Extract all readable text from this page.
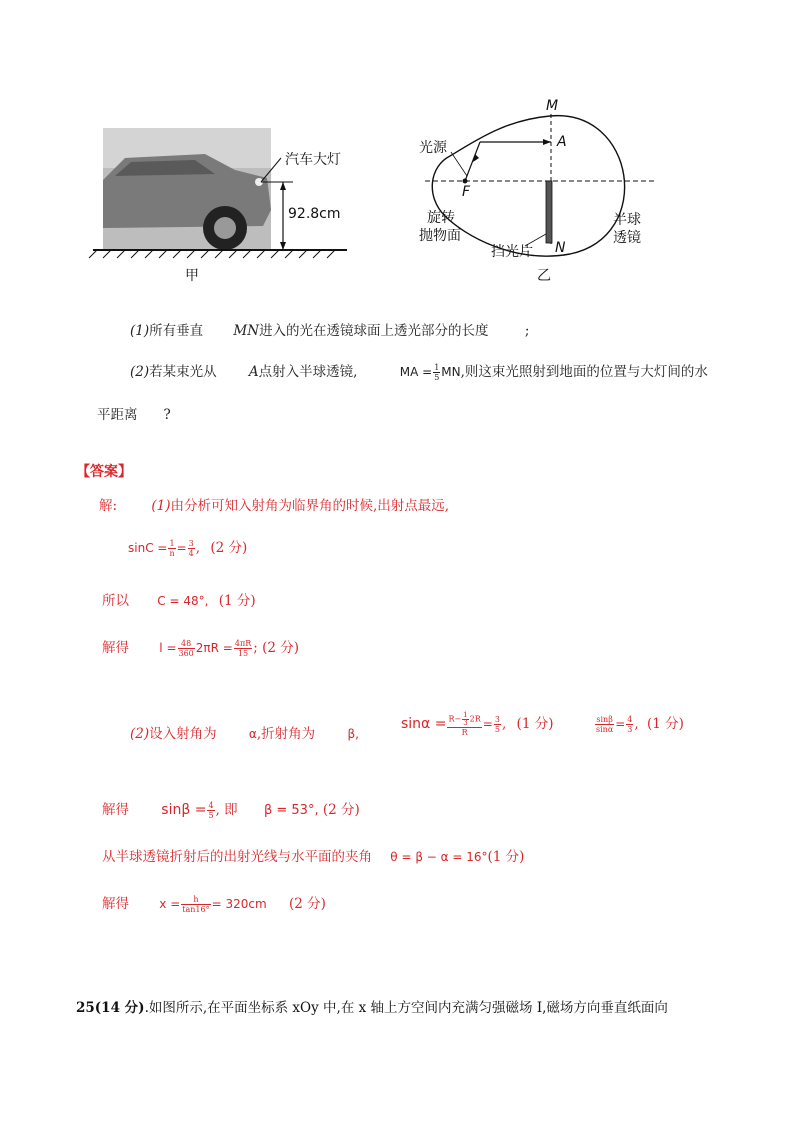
汽车大灯
92.8cm
甲
M
A
F
N
光源
旋转
抛物面
挡光片
半球
透镜
乙
(1)所有垂直 MN进入的光在透镜球面上透光部分的长度	;
(2)若某束光从 A点射入半球透镜,	MA = $\frac{1}{5}$ MN,则这束光照射到地面的位置与大灯间的水
平距离 ?
【答案】
解:	(1)由分析可知入射角为临界角的时候,出射点最远,
$\sin C = \frac{1}{n} = \frac{3}{4}$ , (2 分)
所以 C = 48°, (1 分)
解得	$l = \frac{48}{360} 2\pi R = \frac{4\pi R}{15}$ ; (2 分)
(2)设入射角为	α,折射角为	β,
$\sin\alpha = \frac{R- \frac{1}{3} 2R}{R} = \frac{3}{5}$ , (1 分)	$\frac{\sin\beta}{\sin\alpha} = \frac{4}{3}$ , (1 分)
解得 $\sin\beta = \frac{4}{5}$ , 即 β = 53°, (2 分)
从半球透镜折射后的出射光线与水平面的夹角 θ = β − α = 16°(1 分)
解得	$x = \frac{h}{\tan 16^\circ} = 320cm$ (2 分)
25(14 分).如图所示,在平面坐标系 xOy 中,在 x 轴上方空间内充满匀强磁场 I,磁场方向垂直纸面向
